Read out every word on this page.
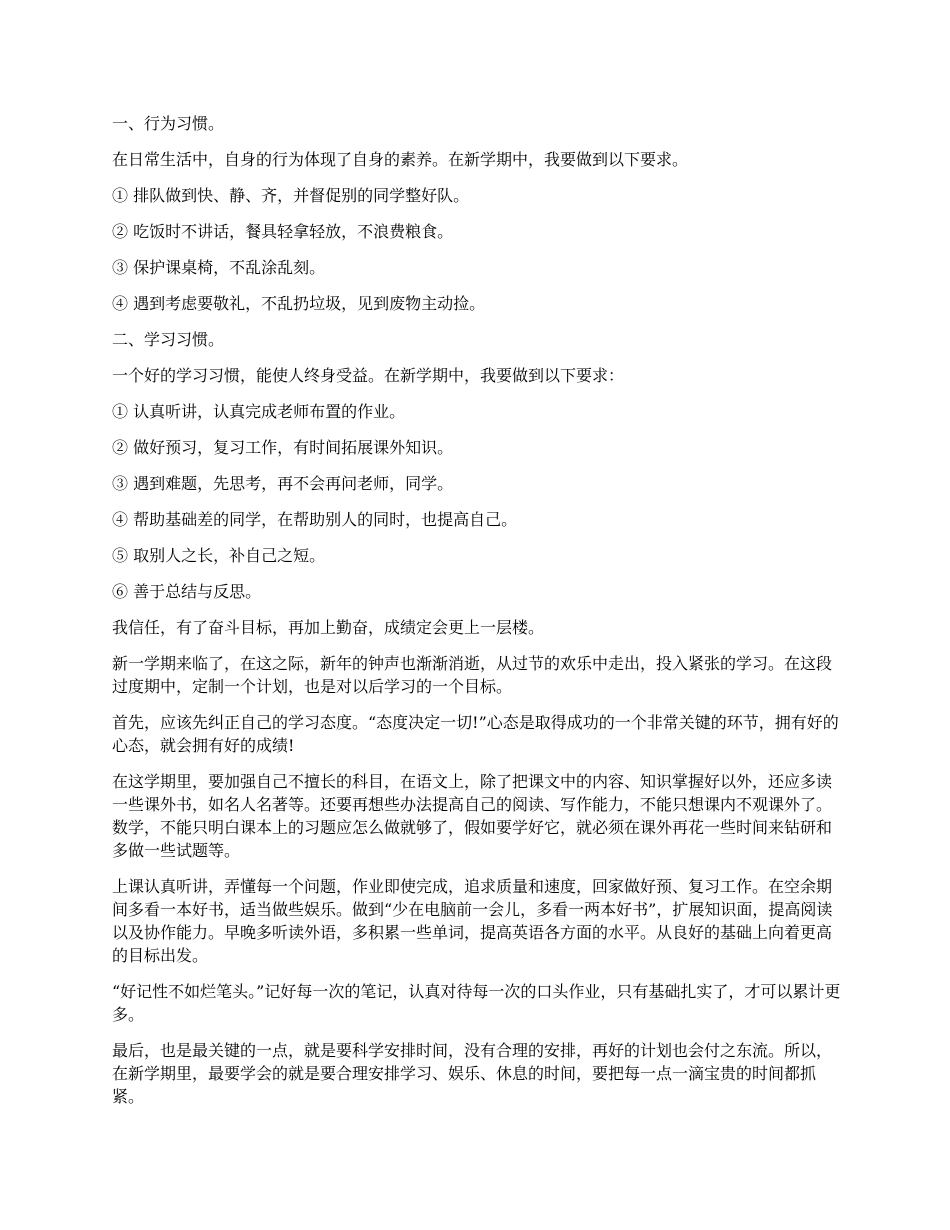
一、行为习惯。
在日常生活中，自身的行为体现了自身的素养。在新学期中，我要做到以下要求。
① 排队做到快、静、齐，并督促别的同学整好队。
② 吃饭时不讲话，餐具轻拿轻放，不浪费粮食。
③ 保护课桌椅，不乱涂乱刻。
④ 遇到考虑要敬礼，不乱扔垃圾，见到废物主动捡。
二、学习习惯。
一个好的学习习惯，能使人终身受益。在新学期中，我要做到以下要求：
① 认真听讲，认真完成老师布置的作业。
② 做好预习，复习工作，有时间拓展课外知识。
③ 遇到难题，先思考，再不会再问老师，同学。
④ 帮助基础差的同学，在帮助别人的同时，也提高自己。
⑤ 取别人之长，补自己之短。
⑥ 善于总结与反思。
我信任，有了奋斗目标，再加上勤奋，成绩定会更上一层楼。
新一学期来临了，在这之际，新年的钟声也渐渐消逝，从过节的欢乐中走出，投入紧张的学习。在这段过度期中，定制一个计划，也是对以后学习的一个目标。
首先，应该先纠正自己的学习态度。“态度决定一切!”心态是取得成功的一个非常关键的环节，拥有好的心态，就会拥有好的成绩!
在这学期里，要加强自己不擅长的科目，在语文上，除了把课文中的内容、知识掌握好以外，还应多读一些课外书，如名人名著等。还要再想些办法提高自己的阅读、写作能力，不能只想课内不观课外了。数学，不能只明白课本上的习题应怎么做就够了，假如要学好它，就必须在课外再花一些时间来钻研和多做一些试题等。
上课认真听讲，弄懂每一个问题，作业即使完成，追求质量和速度，回家做好预、复习工作。在空余期间多看一本好书，适当做些娱乐。做到“少在电脑前一会儿，多看一两本好书”，扩展知识面，提高阅读以及协作能力。早晚多听读外语，多积累一些单词，提高英语各方面的水平。从良好的基础上向着更高的目标出发。
“好记性不如烂笔头。”记好每一次的笔记，认真对待每一次的口头作业，只有基础扎实了，才可以累计更多。
最后，也是最关键的一点，就是要科学安排时间，没有合理的安排，再好的计划也会付之东流。所以，在新学期里，最要学会的就是要合理安排学习、娱乐、休息的时间，要把每一点一滴宝贵的时间都抓紧。
